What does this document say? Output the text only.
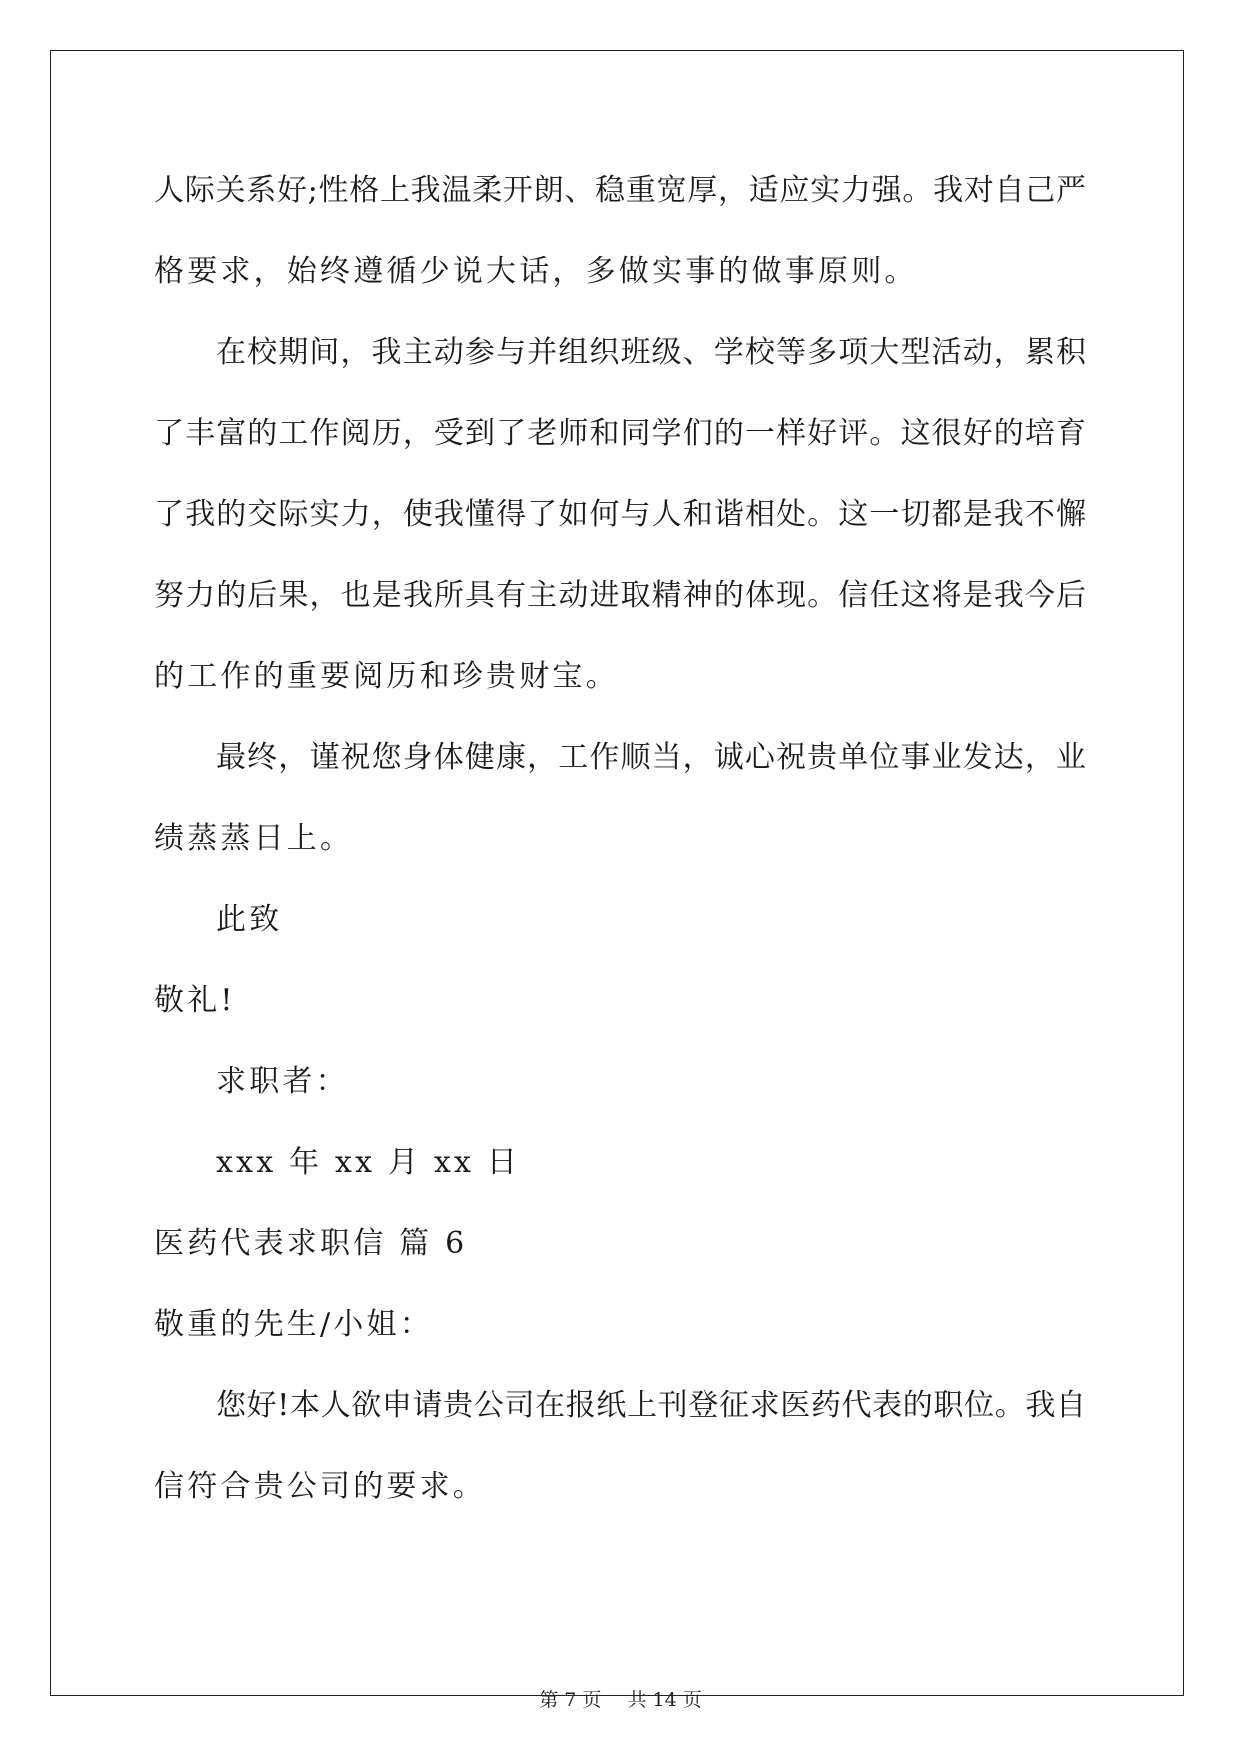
人际关系好;性格上我温柔开朗、稳重宽厚，适应实力强。我对自己严
格要求，始终遵循少说大话，多做实事的做事原则。
在校期间，我主动参与并组织班级、学校等多项大型活动，累积
了丰富的工作阅历，受到了老师和同学们的一样好评。这很好的培育
了我的交际实力，使我懂得了如何与人和谐相处。这一切都是我不懈
努力的后果，也是我所具有主动进取精神的体现。信任这将是我今后
的工作的重要阅历和珍贵财宝。
最终，谨祝您身体健康，工作顺当，诚心祝贵单位事业发达，业
绩蒸蒸日上。
此致
敬礼!
求职者：
xxx 年 xx 月 xx 日
医药代表求职信 篇 6
敬重的先生/小姐：
您好!本人欲申请贵公司在报纸上刊登征求医药代表的职位。我自
信符合贵公司的要求。
第 7 页 共 14 页
